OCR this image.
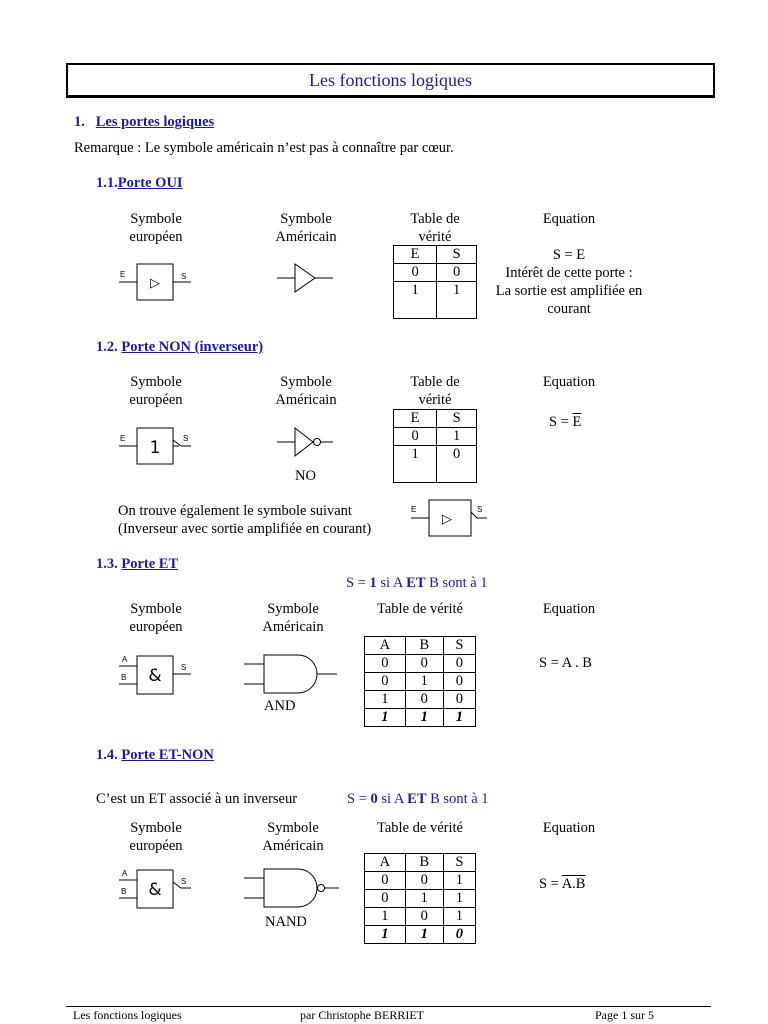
Les fonctions logiques
1. Les portes logiques
Remarque : Le symbole américain n’est pas à connaître par cœur.
1.1.Porte OUI
Symbole
européen
Symbole
Américain
Table de
vérité
Equation
E	S
▷
E	S
0	0
1	1
S = E
Intérêt de cette porte :
La sortie est amplifiée en
courant
1.2. Porte NON (inverseur)
Symbole
européen
Symbole
Américain
Table de
vérité
Equation
E	S
1
NO
E	S
0	1
1	0
$S = \overline{E}$
On trouve également le symbole suivant
(Inverseur avec sortie amplifiée en courant)
E	S
▷
1.3. Porte ET
S = 1 si A ET B sont à 1
Symbole
européen
Symbole
Américain
Table de vérité	Equation
A
B
S
&
AND
A	B	S
0	0	0
0	1	0
1	0	0
1	1	1
S = A . B
1.4. Porte ET-NON
C’est un ET associé à un inverseur	S = 0 si A ET B sont à 1
Symbole
européen
Symbole
Américain
Table de vérité	Equation
A
B
S
&
NAND
A	B	S
0	0	1
0	1	1
1	0	1
1	1	0
S = A.B
Les fonctions logiques	par Christophe BERRIET	Page 1 sur 5
